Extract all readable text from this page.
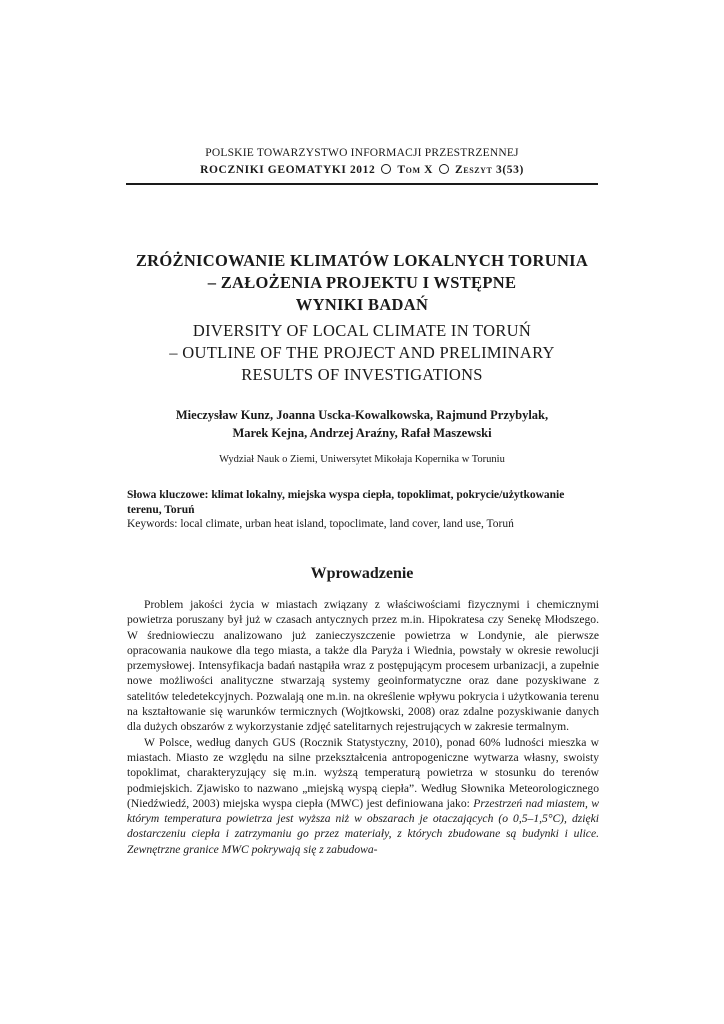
POLSKIE TOWARZYSTWO INFORMACJI PRZESTRZENNEJ
ROCZNIKI GEOMATYKI 2012 Tom X Zeszyt 3(53)
ZRÓŻNICOWANIE KLIMATÓW LOKALNYCH TORUNIA
– ZAŁOŻENIA PROJEKTU I WSTĘPNE
WYNIKI BADAŃ
DIVERSITY OF LOCAL CLIMATE IN TORUŃ
– OUTLINE OF THE PROJECT AND PRELIMINARY
RESULTS OF INVESTIGATIONS
Mieczysław Kunz, Joanna Uscka-Kowalkowska, Rajmund Przybylak,
Marek Kejna, Andrzej Araźny, Rafał Maszewski
Wydział Nauk o Ziemi, Uniwersytet Mikołaja Kopernika w Toruniu
Słowa kluczowe: klimat lokalny, miejska wyspa ciepła, topoklimat, pokrycie/użytkowanie terenu, Toruń
Keywords: local climate, urban heat island, topoclimate, land cover, land use, Toruń
Wprowadzenie

Problem jakości życia w miastach związany z właściwościami fizycznymi i chemicznymi powietrza poruszany był już w czasach antycznych przez m.in. Hipokratesa czy Senekę Młodszego. W średniowieczu analizowano już zanieczyszczenie powietrza w Londynie, ale pierwsze opracowania naukowe dla tego miasta, a także dla Paryża i Wiednia, powstały w okresie rewolucji przemysłowej. Intensyfikacja badań nastąpiła wraz z postępującym procesem urbanizacji, a zupełnie nowe możliwości analityczne stwarzają systemy geoinformatyczne oraz dane pozyskiwane z satelitów teledetekcyjnych. Pozwalają one m.in. na określenie wpływu pokrycia i użytkowania terenu na kształtowanie się warunków termicznych (Wojtkowski, 2008) oraz zdalne pozyskiwanie danych dla dużych obszarów z wykorzystanie zdjęć satelitarnych rejestrujących w zakresie termalnym.

W Polsce, według danych GUS (Rocznik Statystyczny, 2010), ponad 60% ludności mieszka w miastach. Miasto ze względu na silne przekształcenia antropogeniczne wytwarza własny, swoisty topoklimat, charakteryzujący się m.in. wyższą temperaturą powietrza w stosunku do terenów podmiejskich. Zjawisko to nazwano „miejską wyspą ciepła”. Według Słownika Meteorologicznego (Niedźwiedź, 2003) miejska wyspa ciepła (MWC) jest definiowana jako: Przestrzeń nad miastem, w którym temperatura powietrza jest wyższa niż w obszarach je otaczających (o 0,5–1,5°C), dzięki dostarczeniu ciepła i zatrzymaniu go przez materiały, z których zbudowane są budynki i ulice. Zewnętrzne granice MWC pokrywają się z zabudowa-
